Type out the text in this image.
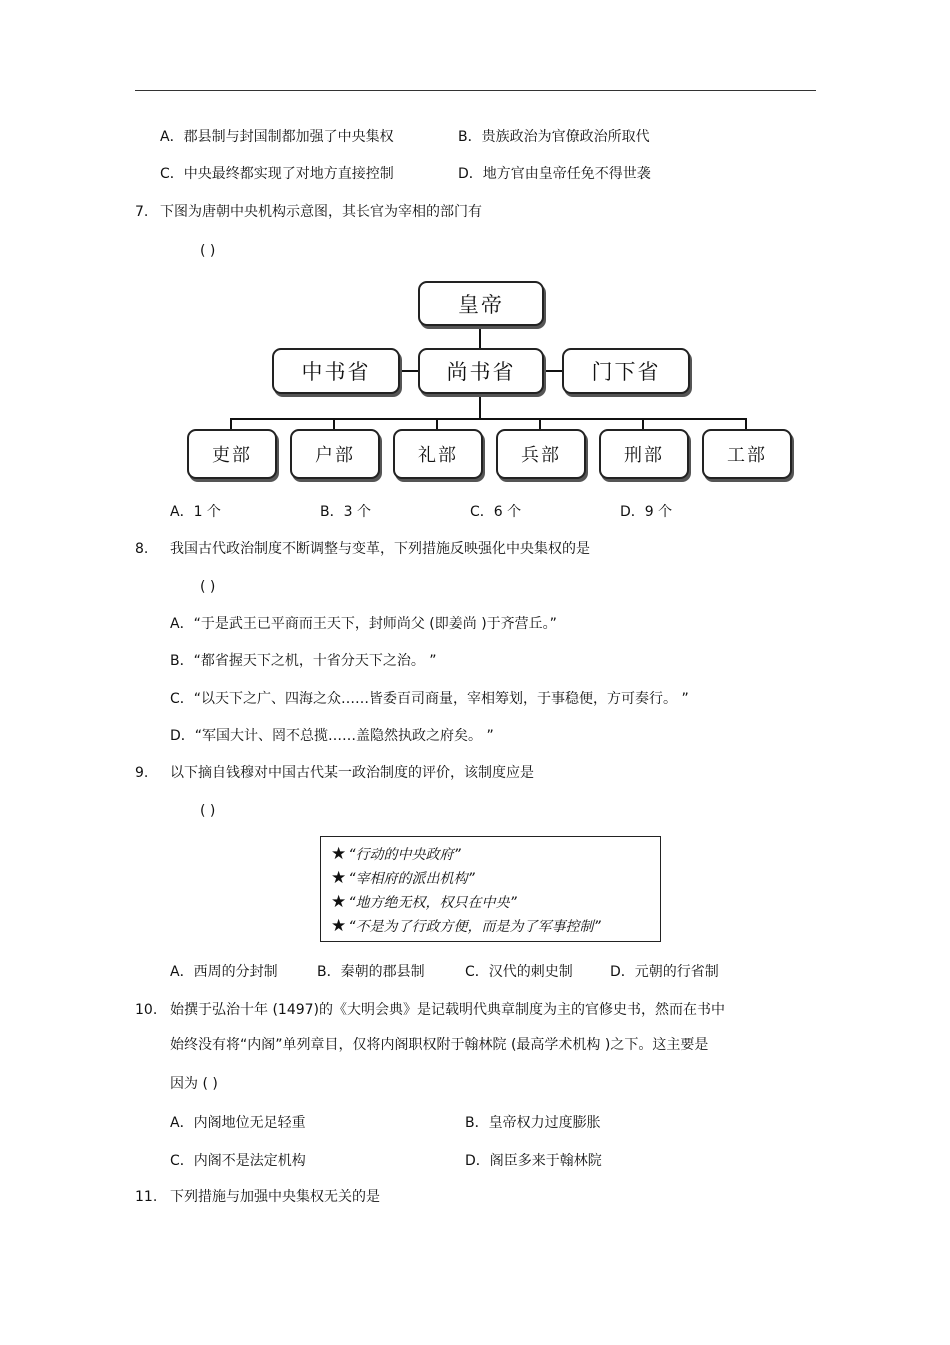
A．郡县制与封国制都加强了中央集权	B．贵族政治为官僚政治所取代
C．中央最终都实现了对地方直接控制	D．地方官由皇帝任免不得世袭
7. 下图为唐朝中央机构示意图，其长官为宰相的部门有
( )
皇帝
中书省	尚书省	门下省
吏部	户部	礼部	兵部	刑部	工部
A．1 个	B．3 个	C．6 个	D．9 个
8. 我国古代政治制度不断调整与变革，下列措施反映强化中央集权的是
( )
A．“于是武王已平商而王天下，封师尚父 (即姜尚 )于齐营丘。”
B．“都省握天下之机，十省分天下之治。 ”
C．“以天下之广、四海之众……皆委百司商量，宰相筹划，于事稳便，方可奏行。 ”
D．“军国大计、罔不总揽……盖隐然执政之府矣。 ”
9. 以下摘自钱穆对中国古代某一政治制度的评价，该制度应是
( )
★ “行动的中央政府”
★ “宰相府的派出机构”
★ “地方绝无权，权只在中央”
★ “不是为了行政方便，而是为了军事控制”
A．西周的分封制	B．秦朝的郡县制	C．汉代的刺史制	D．元朝的行省制
10. 始撰于弘治十年 (1497)的《大明会典》是记载明代典章制度为主的官修史书，然而在书中
始终没有将“内阁”单列章目，仅将内阁职权附于翰林院 (最高学术机构 )之下。这主要是
因为 ( )
A．内阁地位无足轻重	B．皇帝权力过度膨胀
C．内阁不是法定机构	D．阁臣多来于翰林院
11. 下列措施与加强中央集权无关的是
